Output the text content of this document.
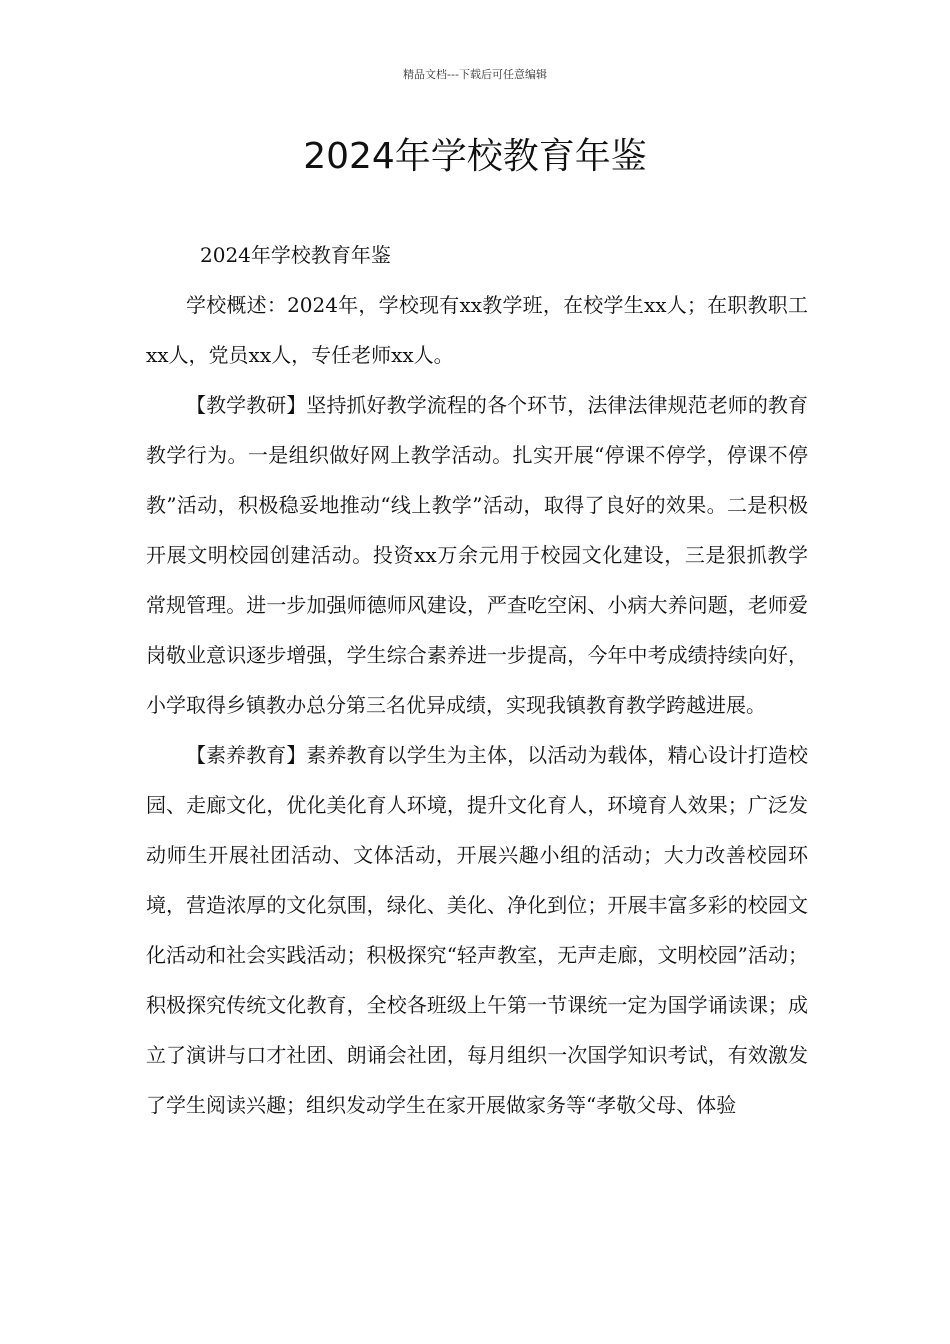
精品文档---下载后可任意编辑
2024年学校教育年鉴

2024年学校教育年鉴

学校概述：2024年，学校现有xx教学班，在校学生xx人；在职教职工xx人，党员xx人，专任老师xx人。

【教学教研】坚持抓好教学流程的各个环节，法律法律规范老师的教育教学行为。一是组织做好网上教学活动。扎实开展“停课不停学，停课不停教”活动，积极稳妥地推动“线上教学”活动，取得了良好的效果。二是积极开展文明校园创建活动。投资xx万余元用于校园文化建设，三是狠抓教学常规管理。进一步加强师德师风建设，严查吃空闲、小病大养问题，老师爱岗敬业意识逐步增强，学生综合素养进一步提高，今年中考成绩持续向好，小学取得乡镇教办总分第三名优异成绩，实现我镇教育教学跨越进展。

【素养教育】素养教育以学生为主体，以活动为载体，精心设计打造校园、走廊文化，优化美化育人环境，提升文化育人，环境育人效果；广泛发动师生开展社团活动、文体活动，开展兴趣小组的活动；大力改善校园环境，营造浓厚的文化氛围，绿化、美化、净化到位；开展丰富多彩的校园文化活动和社会实践活动；积极探究“轻声教室，无声走廊，文明校园”活动；积极探究传统文化教育，全校各班级上午第一节课统一定为国学诵读课；成立了演讲与口才社团、朗诵会社团，每月组织一次国学知识考试，有效激发了学生阅读兴趣；组织发动学生在家开展做家务等“孝敬父母、体验
